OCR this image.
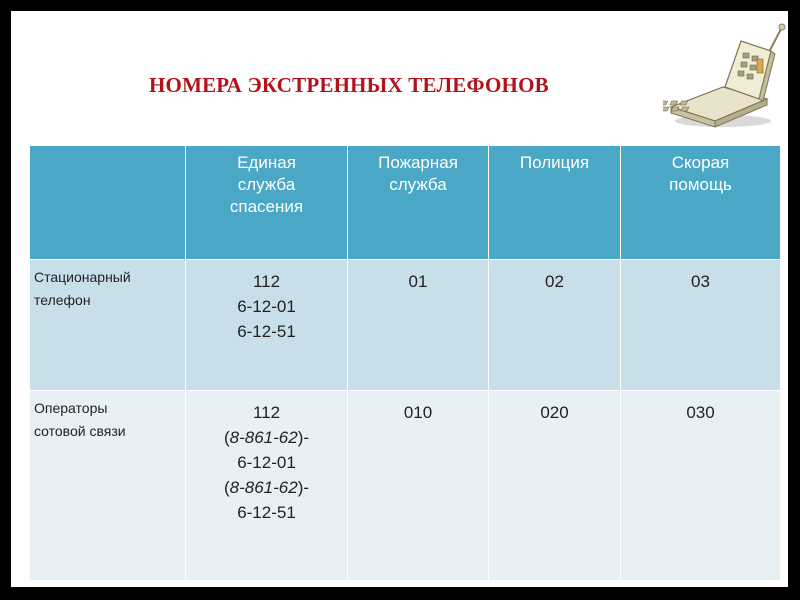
НОМЕРА ЭКСТРЕННЫХ ТЕЛЕФОНОВ

	Единая
служба
спасения	Пожарная
служба	Полиция	Скорая
помощь

Стационарный
телефон	112
6-12-01
6-12-51	01	02	03

Операторы
сотовой связи	112
(8-861-62)-
6-12-01
(8-861-62)-
6-12-51	010	020	030
